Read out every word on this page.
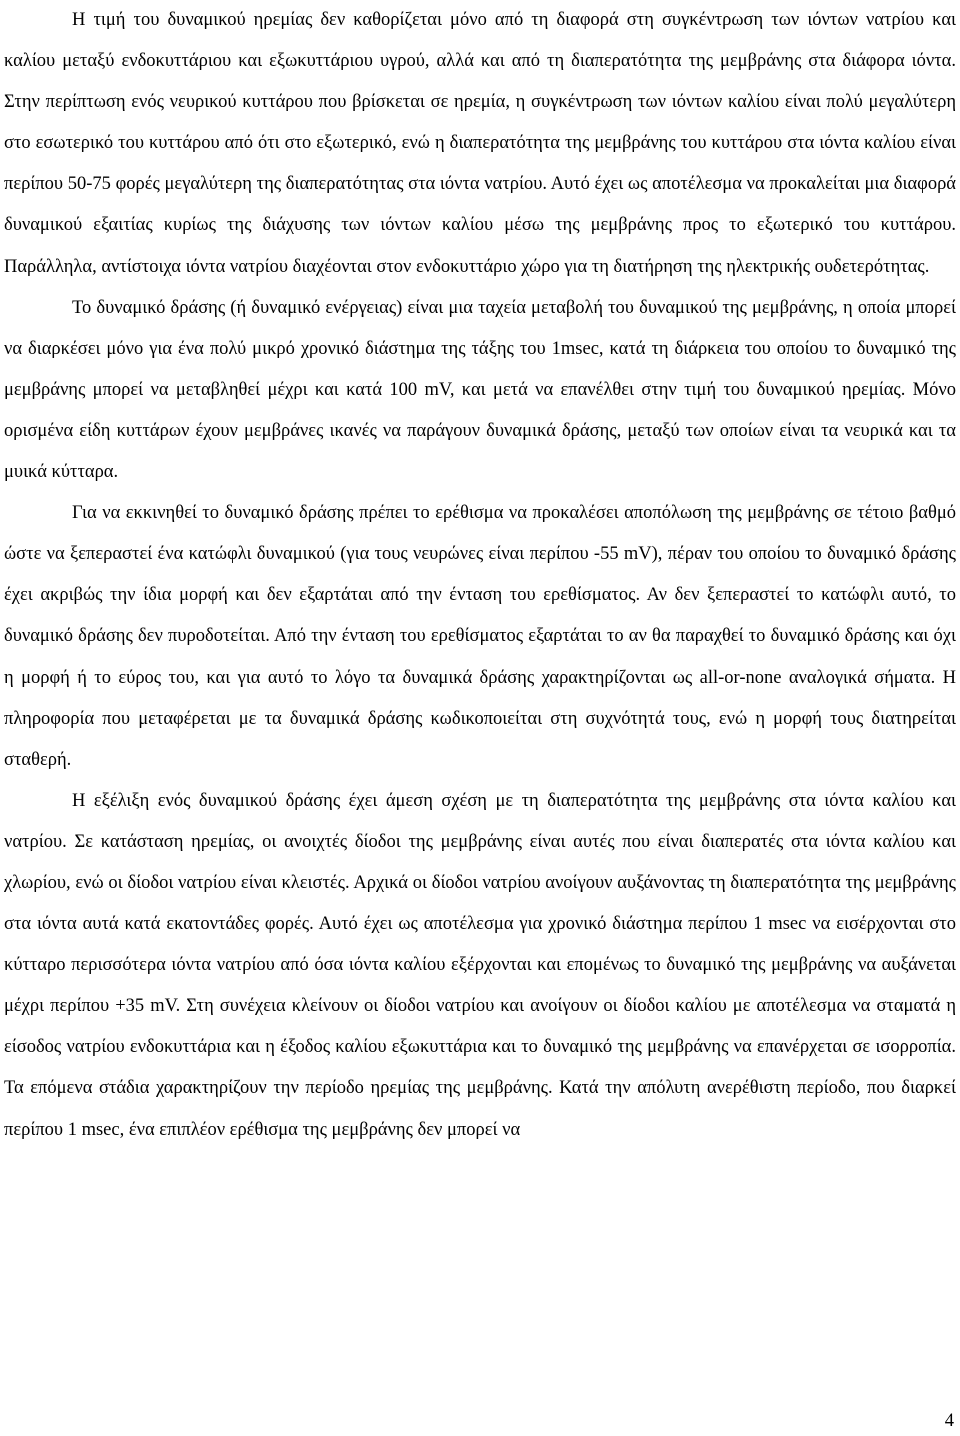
Η τιμή του δυναμικού ηρεμίας δεν καθορίζεται μόνο από τη διαφορά στη συγκέντρωση των ιόντων νατρίου και καλίου μεταξύ ενδοκυττάριου και εξωκυττάριου υγρού, αλλά και από τη διαπερατότητα της μεμβράνης στα διάφορα ιόντα. Στην περίπτωση ενός νευρικού κυττάρου που βρίσκεται σε ηρεμία, η συγκέντρωση των ιόντων καλίου είναι πολύ μεγαλύτερη στο εσωτερικό του κυττάρου από ότι στο εξωτερικό, ενώ η διαπερατότητα της μεμβράνης του κυττάρου στα ιόντα καλίου είναι περίπου 50-75 φορές μεγαλύτερη της διαπερατότητας στα ιόντα νατρίου. Αυτό έχει ως αποτέλεσμα να προκαλείται μια διαφορά δυναμικού εξαιτίας κυρίως της διάχυσης των ιόντων καλίου μέσω της μεμβράνης προς το εξωτερικό του κυττάρου. Παράλληλα, αντίστοιχα ιόντα νατρίου διαχέονται στον ενδοκυττάριο χώρο για τη διατήρηση της ηλεκτρικής ουδετερότητας.

Το δυναμικό δράσης (ή δυναμικό ενέργειας) είναι μια ταχεία μεταβολή του δυναμικού της μεμβράνης, η οποία μπορεί να διαρκέσει μόνο για ένα πολύ μικρό χρονικό διάστημα της τάξης του 1msec, κατά τη διάρκεια του οποίου το δυναμικό της μεμβράνης μπορεί να μεταβληθεί μέχρι και κατά 100 mV, και μετά να επανέλθει στην τιμή του δυναμικού ηρεμίας. Μόνο ορισμένα είδη κυττάρων έχουν μεμβράνες ικανές να παράγουν δυναμικά δράσης, μεταξύ των οποίων είναι τα νευρικά και τα μυικά κύτταρα.

Για να εκκινηθεί το δυναμικό δράσης πρέπει το ερέθισμα να προκαλέσει αποπόλωση της μεμβράνης σε τέτοιο βαθμό ώστε να ξεπεραστεί ένα κατώφλι δυναμικού (για τους νευρώνες είναι περίπου -55 mV), πέραν του οποίου το δυναμικό δράσης έχει ακριβώς την ίδια μορφή και δεν εξαρτάται από την ένταση του ερεθίσματος. Αν δεν ξεπεραστεί το κατώφλι αυτό, το δυναμικό δράσης δεν πυροδοτείται. Από την ένταση του ερεθίσματος εξαρτάται το αν θα παραχθεί το δυναμικό δράσης και όχι η μορφή ή το εύρος του, και για αυτό το λόγο τα δυναμικά δράσης χαρακτηρίζονται ως all-or-none αναλογικά σήματα. Η πληροφορία που μεταφέρεται με τα δυναμικά δράσης κωδικοποιείται στη συχνότητά τους, ενώ η μορφή τους διατηρείται σταθερή.

Η εξέλιξη ενός δυναμικού δράσης έχει άμεση σχέση με τη διαπερατότητα της μεμβράνης στα ιόντα καλίου και νατρίου. Σε κατάσταση ηρεμίας, οι ανοιχτές δίοδοι της μεμβράνης είναι αυτές που είναι διαπερατές στα ιόντα καλίου και χλωρίου, ενώ οι δίοδοι νατρίου είναι κλειστές. Αρχικά οι δίοδοι νατρίου ανοίγουν αυξάνοντας τη διαπερατότητα της μεμβράνης στα ιόντα αυτά κατά εκατοντάδες φορές. Αυτό έχει ως αποτέλεσμα για χρονικό διάστημα περίπου 1 msec να εισέρχονται στο κύτταρο περισσότερα ιόντα νατρίου από όσα ιόντα καλίου εξέρχονται και επομένως το δυναμικό της μεμβράνης να αυξάνεται μέχρι περίπου +35 mV. Στη συνέχεια κλείνουν οι δίοδοι νατρίου και ανοίγουν οι δίοδοι καλίου με αποτέλεσμα να σταματά η είσοδος νατρίου ενδοκυττάρια και η έξοδος καλίου εξωκυττάρια και το δυναμικό της μεμβράνης να επανέρχεται σε ισορροπία. Τα επόμενα στάδια χαρακτηρίζουν την περίοδο ηρεμίας της μεμβράνης. Κατά την απόλυτη ανερέθιστη περίοδο, που διαρκεί περίπου 1 msec, ένα επιπλέον ερέθισμα της μεμβράνης δεν μπορεί να

4
